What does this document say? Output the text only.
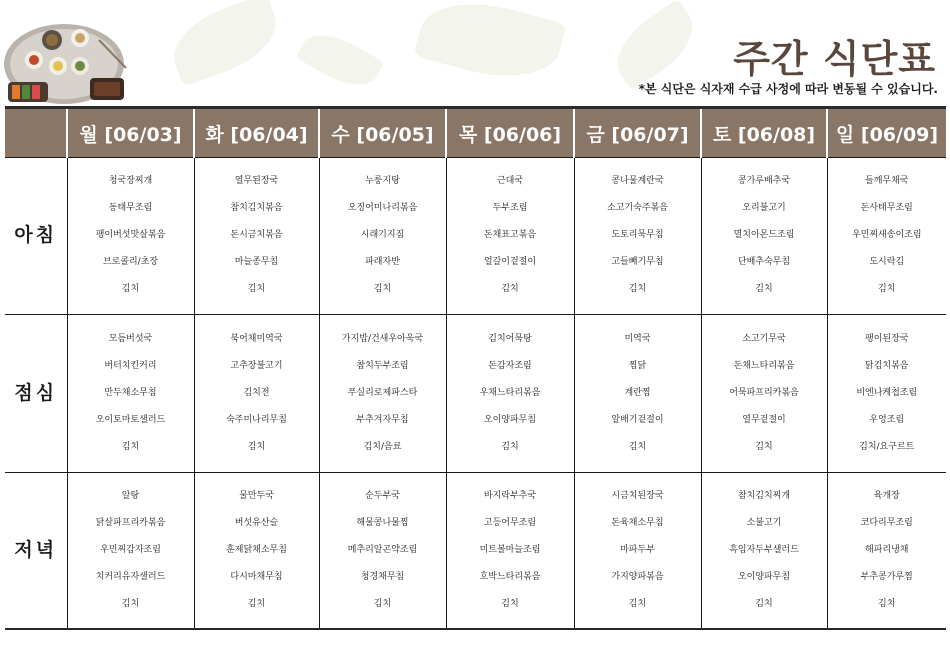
주간 식단표
*본 식단은 식자재 수급 사정에 따라 변동될 수 있습니다.
	월 [06/03]	화 [06/04]	수 [06/05]	목 [06/06]	금 [06/07]	토 [06/08]	일 [06/09]
아침	청국장찌개
동태무조림
팽이버섯맛살볶음
브로콜리/초장
김치	열무된장국
참치김치볶음
돈시금치볶음
마늘종무침
김치	누룽지탕
오징어미나리볶음
시래기지짐
파래자반
김치	근대국
두부조림
돈채표고볶음
얼갈이겉절이
김치	콩나물계란국
소고기숙주볶음
도토리묵무침
고들빼기무침
김치	콩가루배추국
오리불고기
멸치아몬드조림
단배추숙무침
김치	들깨무채국
돈사태무조림
우민찌새송이조림
도시락김
김치

점심	모듬버섯국
버터치킨커리
만두채소무침
오이토마토샐러드
김치	북어채미역국
고추장불고기
김치전
숙주미나리무침
김치	가지밥/건새우아욱국
참치두부조림
푸실리로제파스타
부추겨자무침
김치/음료	김치어묵탕
돈감자조림
우채느타리볶음
오이양파무침
김치	미역국
찜닭
계란찜
알배기겉절이
김치	소고기무국
돈채느타리볶음
어묵파프리카볶음
열무겉절이
김치	팽이된장국
닭김치볶음
비엔나케첩조림
우엉조림
김치/요구르트

저녁	알탕
닭살파프리카볶음
우민찌감자조림
치커리유자샐러드
김치	물만두국
버섯유산슬
훈제닭채소무침
다시마채무침
김치	순두부국
해물콩나물찜
메추리알곤약조림
청경채무침
김치	바지락부추국
고등어무조림
미트볼마늘조림
호박느타리볶음
김치	시금치된장국
돈육채소무침
마파두부
가지양파볶음
김치	참치김치찌개
소불고기
흑임자두부샐러드
오이양파무침
김치	육개장
코다리무조림
해파리냉채
부추콩가루찜
김치
